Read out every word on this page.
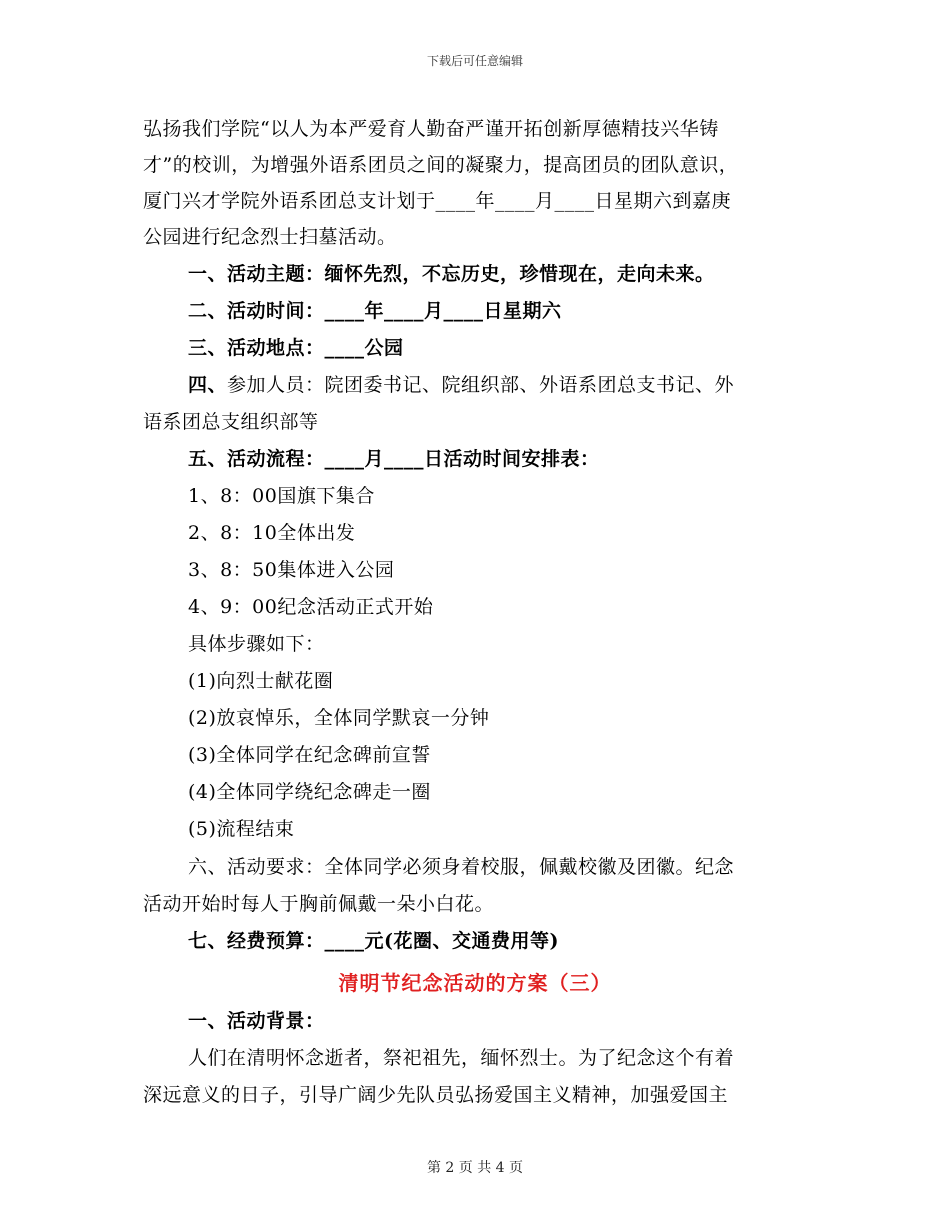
下载后可任意编辑
弘扬我们学院“以人为本严爱育人勤奋严谨开拓创新厚德精技兴华铸
才”的校训，为增强外语系团员之间的凝聚力，提高团员的团队意识，
厦门兴才学院外语系团总支计划于____年____月____日星期六到嘉庚
公园进行纪念烈士扫墓活动。
一、活动主题：缅怀先烈，不忘历史，珍惜现在，走向未来。
二、活动时间：____年____月____日星期六
三、活动地点：____公园
四、参加人员：院团委书记、院组织部、外语系团总支书记、外
语系团总支组织部等
五、活动流程：____月____日活动时间安排表：
1、8：00国旗下集合
2、8：10全体出发
3、8：50集体进入公园
4、9：00纪念活动正式开始
具体步骤如下：
(1)向烈士献花圈
(2)放哀悼乐，全体同学默哀一分钟
(3)全体同学在纪念碑前宣誓
(4)全体同学绕纪念碑走一圈
(5)流程结束
六、活动要求：全体同学必须身着校服，佩戴校徽及团徽。纪念
活动开始时每人于胸前佩戴一朵小白花。
七、经费预算：____元(花圈、交通费用等)
清明节纪念活动的方案（三）
一、活动背景：
人们在清明怀念逝者，祭祀祖先，缅怀烈士。为了纪念这个有着
深远意义的日子，引导广阔少先队员弘扬爱国主义精神，加强爱国主
第 2 页 共 4 页
